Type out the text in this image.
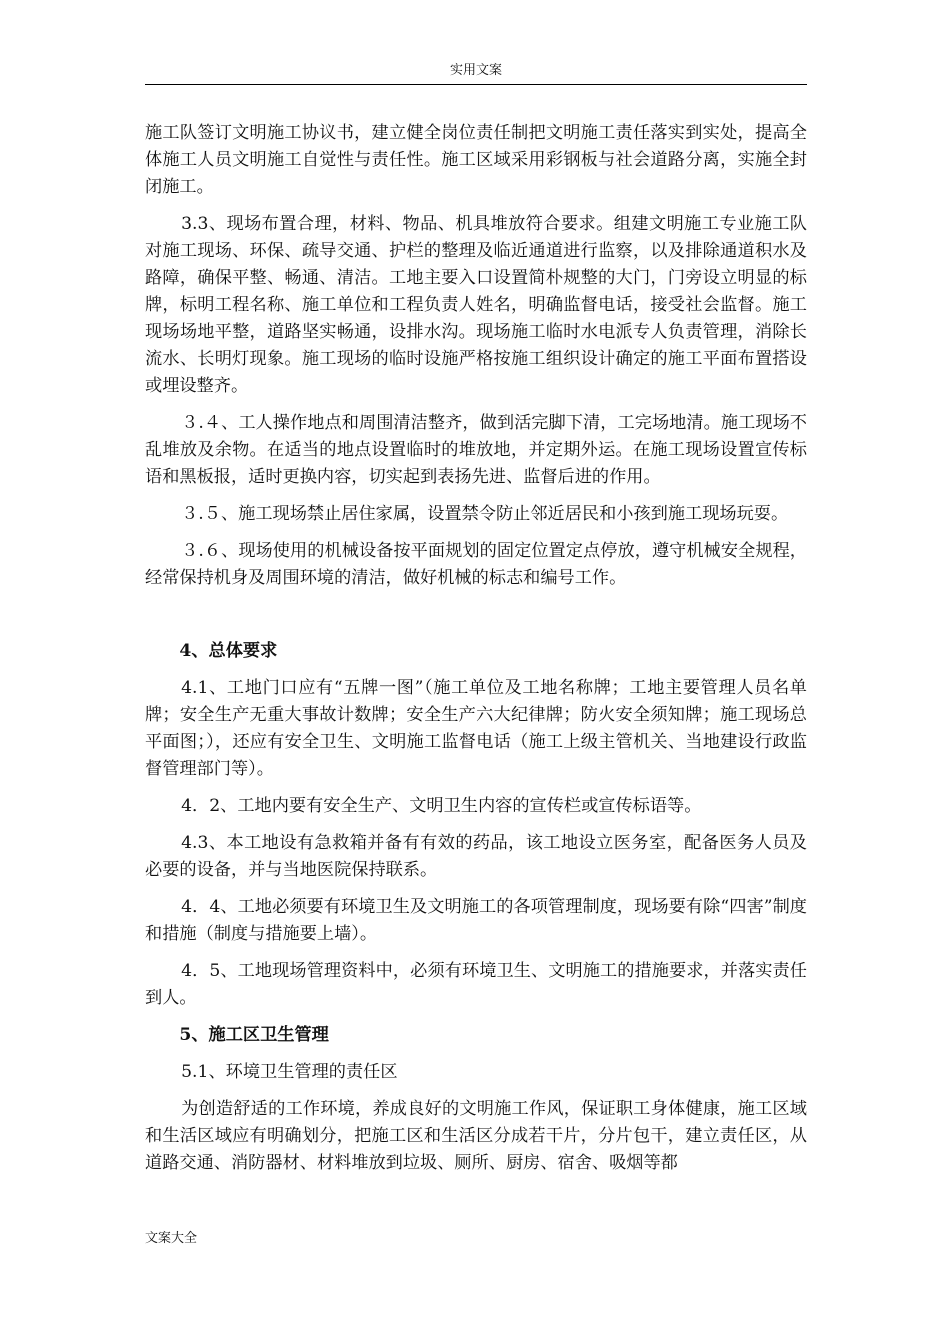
实用文案

施工队签订文明施工协议书，建立健全岗位责任制把文明施工责任落实到实处，提高全体施工人员文明施工自觉性与责任性。施工区域采用彩钢板与社会道路分离，实施全封闭施工。

3.3、现场布置合理，材料、物品、机具堆放符合要求。组建文明施工专业施工队对施工现场、环保、疏导交通、护栏的整理及临近通道进行监察，以及排除通道积水及路障，确保平整、畅通、清洁。工地主要入口设置简朴规整的大门，门旁设立明显的标牌，标明工程名称、施工单位和工程负责人姓名，明确监督电话，接受社会监督。施工现场场地平整，道路坚实畅通，设排水沟。现场施工临时水电派专人负责管理，消除长流水、长明灯现象。施工现场的临时设施严格按施工组织设计确定的施工平面布置搭设或埋设整齐。

３.４、工人操作地点和周围清洁整齐，做到活完脚下清，工完场地清。施工现场不乱堆放及余物。在适当的地点设置临时的堆放地，并定期外运。在施工现场设置宣传标语和黑板报，适时更换内容，切实起到表扬先进、监督后进的作用。

３.５、施工现场禁止居住家属，设置禁令防止邻近居民和小孩到施工现场玩耍。

３.６、现场使用的机械设备按平面规划的固定位置定点停放，遵守机械安全规程，经常保持机身及周围环境的清洁，做好机械的标志和编号工作。

4、总体要求

4.1、工地门口应有“五牌一图”（施工单位及工地名称牌；工地主要管理人员名单牌；安全生产无重大事故计数牌；安全生产六大纪律牌；防火安全须知牌；施工现场总平面图；），还应有安全卫生、文明施工监督电话（施工上级主管机关、当地建设行政监督管理部门等）。

4．2、工地内要有安全生产、文明卫生内容的宣传栏或宣传标语等。

4.3、本工地设有急救箱并备有有效的药品，该工地设立医务室，配备医务人员及必要的设备，并与当地医院保持联系。

4．4、工地必须要有环境卫生及文明施工的各项管理制度，现场要有除“四害”制度和措施（制度与措施要上墙）。

4．5、工地现场管理资料中，必须有环境卫生、文明施工的措施要求，并落实责任到人。

5、施工区卫生管理

5.1、环境卫生管理的责任区

为创造舒适的工作环境，养成良好的文明施工作风，保证职工身体健康，施工区域和生活区域应有明确划分，把施工区和生活区分成若干片，分片包干，建立责任区，从道路交通、消防器材、材料堆放到垃圾、厕所、厨房、宿舍、吸烟等都

文案大全
